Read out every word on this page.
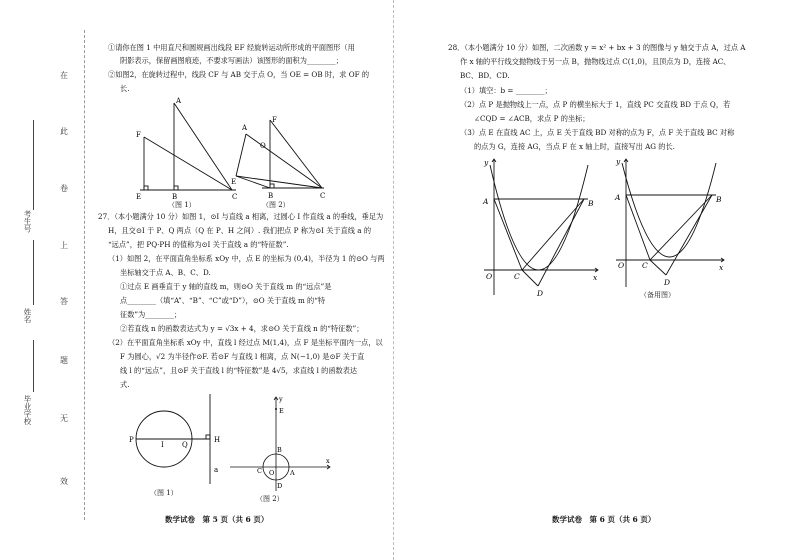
在
此
卷
上
答
题
无
效
考生号
姓名
毕业学校
①请你在图 1 中用直尺和圆规画出线段 EF 经旋转运动所形成的平面图形（用
阴影表示，保留画图痕迹，不要求写画法）该图形的面积为________；
②如图2，在旋转过程中，线段 CF 与 AB 交于点 O，当 OE = OB 时，求 OF 的
长.
A
F
E	B	C
（图 1）
A
F
O
E
B	C
（图 2）
27．（本小题满分 10 分）如图 1，⊙I 与直线 a 相离，过圆心 I 作直线 a 的垂线，垂足为
H，且交⊙I 于 P、Q 两点（Q 在 P、H 之间）. 我们把点 P 称为⊙I 关于直线 a 的
“远点”，把 PQ·PH 的值称为⊙I 关于直线 a 的“特征数”.
（1）如图 2，在平面直角坐标系 xOy 中，点 E 的坐标为 (0,4)，半径为 1 的⊙O 与两
坐标轴交于点 A、B、C、D.
①过点 E 画垂直于 y 轴的直线 m，则⊙O 关于直线 m 的“远点”是
点________（填“A”、“B”、“C”或“D”），⊙O 关于直线 m 的“特
征数”为________；
②若直线 n 的函数表达式为 y = √3x + 4，求⊙O 关于直线 n 的“特征数”；
（2）在平面直角坐标系 xOy 中，直线 l 经过点 M(1,4)，点 F 是坐标平面内一点，以
F 为圆心，√2 为半径作⊙F. 若⊙F 与直线 l 相离，点 N(−1,0) 是⊙F 关于直
线 l 的“远点”，且⊙F 关于直线 l 的“特征数”是 4√5，求直线 l 的函数表达
式.
P
I	Q
H
a
（图 1）
y
E
B
C O A
D
x
（图 2）
数学试卷　第 5 页（共 6 页）
28．（本小题满分 10 分）如图，二次函数 y = x² + bx + 3 的图像与 y 轴交于点 A，过点 A
作 x 轴的平行线交抛物线于另一点 B，抛物线过点 C(1,0)，且顶点为 D，连接 AC、
BC、BD、CD.
（1）填空：b = ________；
（2）点 P 是抛物线上一点，点 P 的横坐标大于 1，直线 PC 交直线 BD 于点 Q，若
∠CQD = ∠ACB，求点 P 的坐标；
（3）点 E 在直线 AC 上，点 E 关于直线 BD 对称的点为 F，点 F 关于直线 BC 对称
的点为 G，连接 AG，当点 F 在 x 轴上时，直接写出 AG 的长.
y
A	B
O	C
D
x
y
A	B
O C
D
x
（备用图）
数学试卷　第 6 页（共 6 页）
